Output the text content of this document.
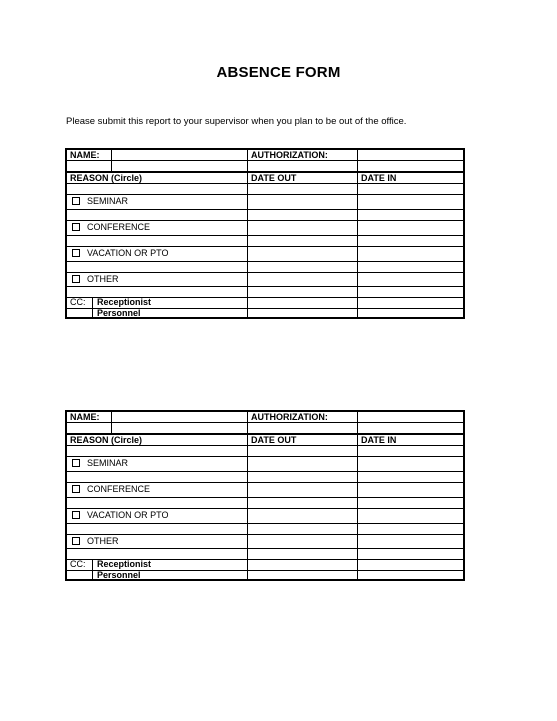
ABSENCE FORM
Please submit this report to your supervisor when you plan to be out of the office.
NAME:	AUTHORIZATION:
REASON (Circle)	DATE OUT	DATE IN
SEMINAR
CONFERENCE
VACATION OR PTO
OTHER
CC: Receptionist
Personnel
NAME:	AUTHORIZATION:
REASON (Circle)	DATE OUT	DATE IN
SEMINAR
CONFERENCE
VACATION OR PTO
OTHER
CC: Receptionist
Personnel
